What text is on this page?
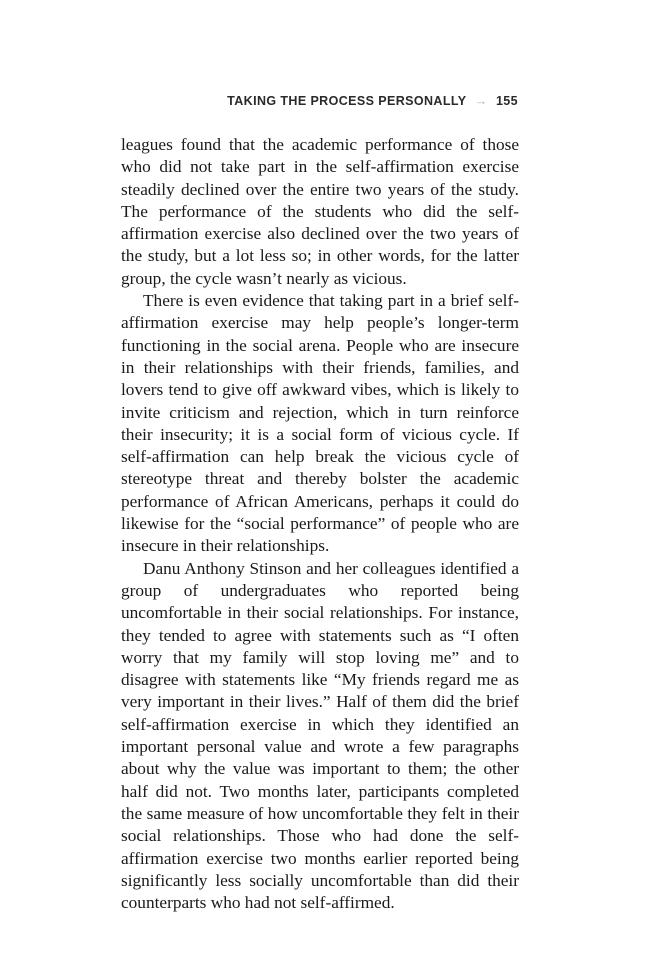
TAKING THE PROCESS PERSONALLY → 155

leagues found that the academic performance of those who did not take part in the self-affirmation exercise steadily declined over the entire two years of the study. The performance of the students who did the self-affirmation exercise also declined over the two years of the study, but a lot less so; in other words, for the latter group, the cycle wasn’t nearly as vicious.

There is even evidence that taking part in a brief self-affirmation exercise may help people’s longer-term functioning in the social arena. People who are insecure in their relationships with their friends, families, and lovers tend to give off awkward vibes, which is likely to invite criticism and rejection, which in turn reinforce their insecurity; it is a social form of vicious cycle. If self-affirmation can help break the vicious cycle of stereotype threat and thereby bolster the academic performance of African Americans, perhaps it could do likewise for the “social performance” of people who are insecure in their relationships.

Danu Anthony Stinson and her colleagues identified a group of undergraduates who reported being uncomfortable in their social relationships. For instance, they tended to agree with statements such as “I often worry that my family will stop loving me” and to disagree with statements like “My friends regard me as very important in their lives.” Half of them did the brief self-affirmation exercise in which they identified an important personal value and wrote a few paragraphs about why the value was important to them; the other half did not. Two months later, participants completed the same measure of how uncomfortable they felt in their social relationships. Those who had done the self-affirmation exercise two months earlier reported being significantly less socially uncomfortable than did their counterparts who had not self-affirmed.
